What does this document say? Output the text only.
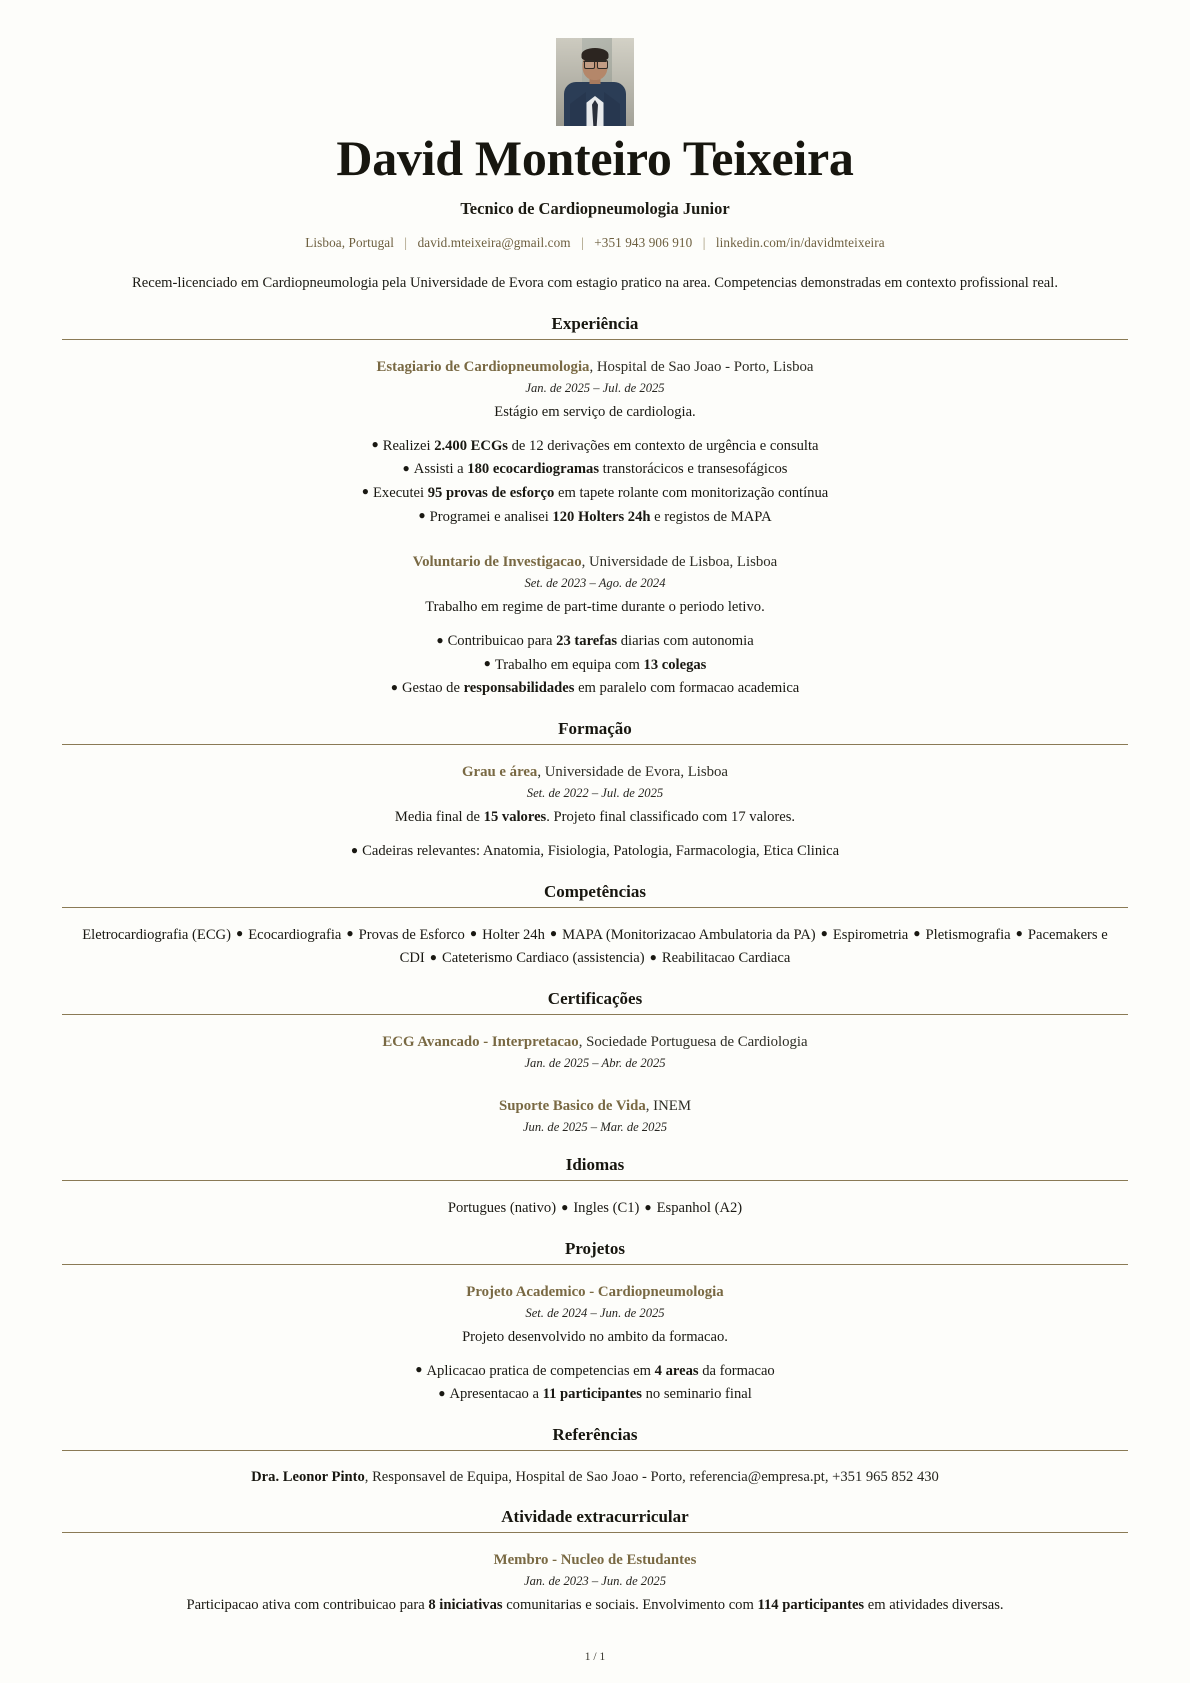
David Monteiro Teixeira
Tecnico de Cardiopneumologia Junior
Lisboa, Portugal | david.mteixeira@gmail.com | +351 943 906 910 | linkedin.com/in/davidmteixeira
Recem-licenciado em Cardiopneumologia pela Universidade de Evora com estagio pratico na area. Competencias demonstradas em contexto profissional real.
Experiência
Estagiario de Cardiopneumologia, Hospital de Sao Joao - Porto, Lisboa
Jan. de 2025 – Jul. de 2025
Estágio em serviço de cardiologia.
● Realizei 2.400 ECGs de 12 derivações em contexto de urgência e consulta
● Assisti a 180 ecocardiogramas transtorácicos e transesofágicos
● Executei 95 provas de esforço em tapete rolante com monitorização contínua
● Programei e analisei 120 Holters 24h e registos de MAPA
Voluntario de Investigacao, Universidade de Lisboa, Lisboa
Set. de 2023 – Ago. de 2024
Trabalho em regime de part-time durante o periodo letivo.
● Contribuicao para 23 tarefas diarias com autonomia
● Trabalho em equipa com 13 colegas
● Gestao de responsabilidades em paralelo com formacao academica
Formação
Grau e área, Universidade de Evora, Lisboa
Set. de 2022 – Jul. de 2025
Media final de 15 valores. Projeto final classificado com 17 valores.
● Cadeiras relevantes: Anatomia, Fisiologia, Patologia, Farmacologia, Etica Clinica
Competências
Eletrocardiografia (ECG) ● Ecocardiografia ● Provas de Esforco ● Holter 24h ● MAPA (Monitorizacao Ambulatoria da PA) ● Espirometria ● Pletismografia ● Pacemakers e CDI ● Cateterismo Cardiaco (assistencia) ● Reabilitacao Cardiaca
Certificações
ECG Avancado - Interpretacao, Sociedade Portuguesa de Cardiologia
Jan. de 2025 – Abr. de 2025
Suporte Basico de Vida, INEM
Jun. de 2025 – Mar. de 2025
Idiomas
Portugues (nativo) ● Ingles (C1) ● Espanhol (A2)
Projetos
Projeto Academico - Cardiopneumologia
Set. de 2024 – Jun. de 2025
Projeto desenvolvido no ambito da formacao.
● Aplicacao pratica de competencias em 4 areas da formacao
● Apresentacao a 11 participantes no seminario final
Referências
Dra. Leonor Pinto, Responsavel de Equipa, Hospital de Sao Joao - Porto, referencia@empresa.pt, +351 965 852 430
Atividade extracurricular
Membro - Nucleo de Estudantes
Jan. de 2023 – Jun. de 2025
Participacao ativa com contribuicao para 8 iniciativas comunitarias e sociais. Envolvimento com 114 participantes em atividades diversas.
1 / 1
